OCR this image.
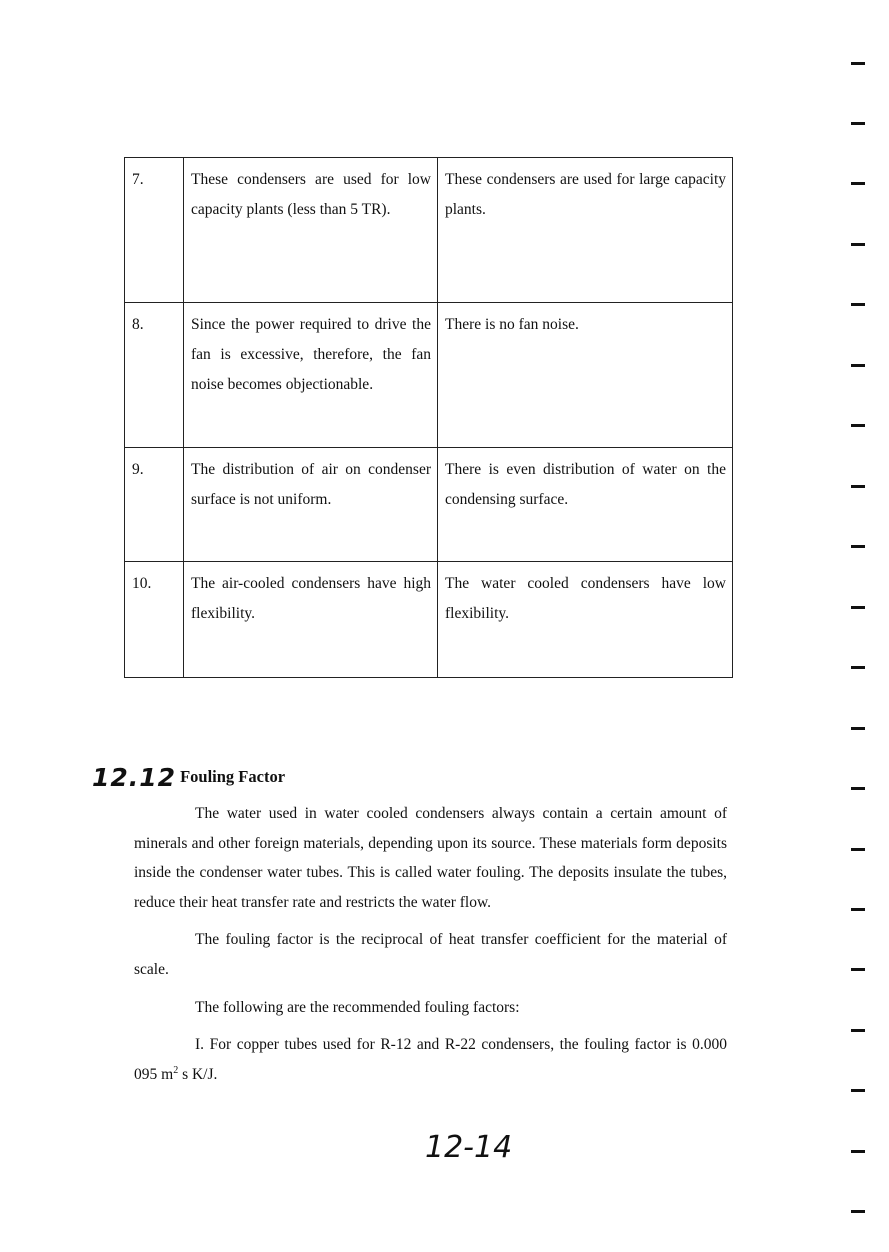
7.	These condensers are used for low capacity plants (less than 5 TR).	These condensers are used for large capacity plants.
8.	Since the power required to drive the fan is excessive, therefore, the fan noise becomes objectionable.	There is no fan noise.
9.	The distribution of air on condenser surface is not uniform.	There is even distribution of water on the condensing surface.
10.	The air-cooled condensers have high flexibility.	The water cooled condensers have low flexibility.
12.12 Fouling Factor

The water used in water cooled condensers always contain a certain amount of minerals and other foreign materials, depending upon its source. These materials form deposits inside the condenser water tubes. This is called water fouling. The deposits insulate the tubes, reduce their heat transfer rate and restricts the water flow.

The fouling factor is the reciprocal of heat transfer coefficient for the material of scale.

The following are the recommended fouling factors:

I. For copper tubes used for R-12 and R-22 condensers, the fouling factor is 0.000 095 $m^2$ s K/J.

12-14
